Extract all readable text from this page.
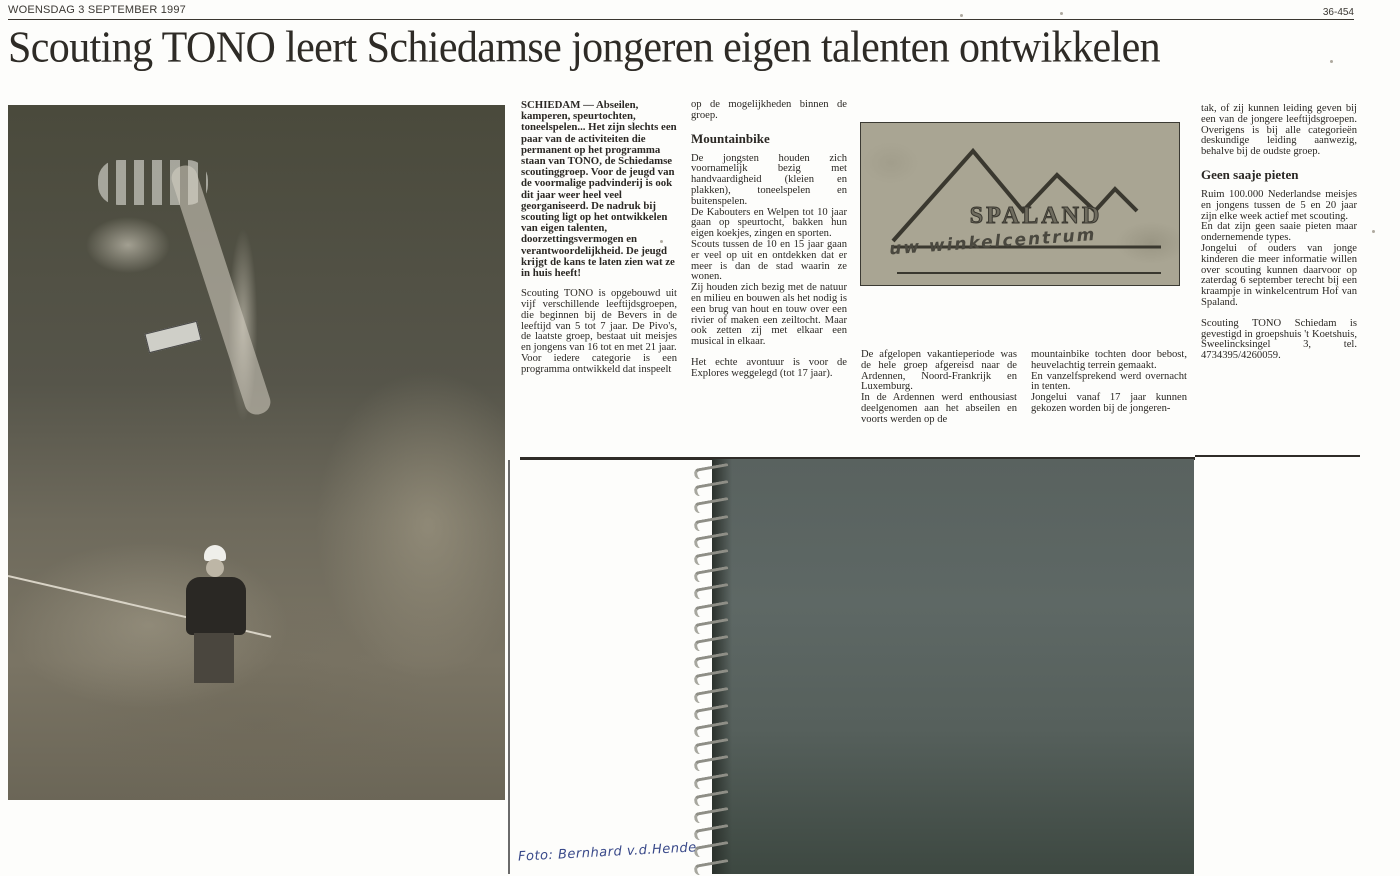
WOENSDAG 3 SEPTEMBER 1997	36-454
Scouting TONO leert Schiedamse jongeren eigen talenten ontwikkelen

SCHIEDAM — Abseilen, kamperen, speurtochten, toneelspelen... Het zijn slechts een paar van de activiteiten die permanent op het programma staan van TONO, de Schiedamse scoutinggroep. Voor de jeugd van de voormalige padvinderij is ook dit jaar weer heel veel georganiseerd. De nadruk bij scouting ligt op het ontwikkelen van eigen talenten, doorzettingsvermogen en verantwoordelijkheid. De jeugd krijgt de kans te laten zien wat ze in huis heeft!

Scouting TONO is opgebouwd uit vijf verschillende leeftijdsgroepen, die beginnen bij de Bevers in de leeftijd van 5 tot 7 jaar. De Pivo's, de laatste groep, bestaat uit meisjes en jongens van 16 tot en met 21 jaar.

Voor iedere categorie is een programma ontwikkeld dat inspeelt

op de mogelijkheden binnen de groep.

Mountainbike

De jongsten houden zich voornamelijk bezig met handvaardigheid (kleien en plakken), toneelspelen en buitenspelen.

De Kabouters en Welpen tot 10 jaar gaan op speurtocht, bakken hun eigen koekjes, zingen en sporten.

Scouts tussen de 10 en 15 jaar gaan er veel op uit en ontdekken dat er meer is dan de stad waarin ze wonen.

Zij houden zich bezig met de natuur en milieu en bouwen als het nodig is een brug van hout en touw over een rivier of maken een zeiltocht. Maar ook zetten zij met elkaar een musical in elkaar.

Het echte avontuur is voor de Explores weggelegd (tot 17 jaar).

SPALAND
uw winkelcentrum

De afgelopen vakantieperiode was de hele groep afgereisd naar de Ardennen, Noord-Frankrijk en Luxemburg.

In de Ardennen werd enthousiast deelgenomen aan het abseilen en voorts werden op de

mountainbike tochten door bebost, heuvelachtig terrein gemaakt.

En vanzelfsprekend werd overnacht in tenten.

Jongelui vanaf 17 jaar kunnen gekozen worden bij de jongeren-

tak, of zij kunnen leiding geven bij een van de jongere leeftijdsgroepen. Overigens is bij alle categorieën deskundige leiding aanwezig, behalve bij de oudste groep.

Geen saaje pieten

Ruim 100.000 Nederlandse meisjes en jongens tussen de 5 en 20 jaar zijn elke week actief met scouting.

En dat zijn geen saaie pieten maar ondernemende types.

Jongelui of ouders van jonge kinderen die meer informatie willen over scouting kunnen daarvoor op zaterdag 6 september terecht bij een kraampje in winkelcentrum Hof van Spaland.

Scouting TONO Schiedam is gevestigd in groepshuis 't Koetshuis, Sweelincksingel 3, tel. 4734395/4260059.

Foto: Bernhard v.d.Hende
